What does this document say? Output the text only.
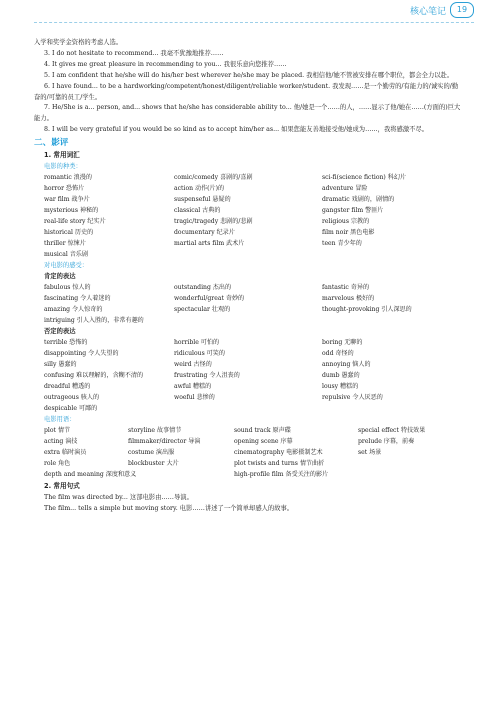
核心笔记	19

入学和奖学金资格的考虑人选。

3. I do not hesitate to recommend... 我毫不犹豫地推荐……

4. It gives me great pleasure in recommending to you... 我很乐意向您推荐……

5. I am confident that he/she will do his/her best wherever he/she may be placed. 我相信他/她不管被安排在哪个职位，都会全力以赴。

6. I have found... to be a hardworking/competent/honest/diligent/reliable worker/student. 我发现……是一个勤劳的/有能力的/诚实的/勤奋的/可靠的员工/学生。

7. He/She is a... person, and... shows that he/she has considerable ability to... 他/她是一个……的人，……显示了他/她在……(方面的)巨大能力。

8. I will be very grateful if you would be so kind as to accept him/her as... 如果您能友善地接受他/她成为……，我将感激不尽。

二、影评
1. 常用词汇
电影的种类：
romantic 浪漫的	comic/comedy 喜剧的/喜剧	sci-fi(science fiction) 科幻片
horror 恐怖片	action 动作(片)的	adventure 冒险
war film 战争片	suspenseful 悬疑的	dramatic 戏剧的，剧情的
mysterious 神秘的	classical 古典的	gangster film 警匪片
real-life story 纪实片	tragic/tragedy 悲剧的/悲剧	religious 宗教的
historical 历史的	documentary 纪录片	film noir 黑色电影
thriller 惊悚片	martial arts film 武术片	teen 青少年的
musical 音乐剧
对电影的感受：
肯定的表达
fabulous 惊人的	outstanding 杰出的	fantastic 奇异的
fascinating 令人着迷的	wonderful/great 奇妙的	marvelous 极好的
amazing 令人惊奇的	spectacular 壮观的	thought-provoking 引人深思的
intriguing 引人入胜的，非常有趣的
否定的表达
terrible 恐怖的	horrible 可怕的	boring 无聊的
disappointing 令人失望的	ridiculous 可笑的	odd 奇怪的
silly 愚蠢的	weird 古怪的	annoying 恼人的
confusing 难以理解的，含糊不清的	frustrating 令人沮丧的	dumb 愚蠢的
dreadful 糟透的	awful 糟糕的	lousy 糟糕的
outrageous 骇人的	woeful 悲惨的	repulsive 令人厌恶的
despicable 可鄙的
电影用语：
plot 情节	storyline 故事情节	sound track 原声碟	special effect 特技效果
acting 演技	filmmaker/director 导演	opening scene 序幕	prelude 序幕，前奏
extra 临时演员	costume 演出服	cinematography 电影摄制艺术	set 场景
role 角色	blockbuster 大片	plot twists and turns 情节曲折
depth and meaning 深度和意义	high-profile film 备受关注的影片
2. 常用句式

The film was directed by... 这部电影由……导演。

The film... tells a simple but moving story. 电影……讲述了一个简单却感人的故事。
